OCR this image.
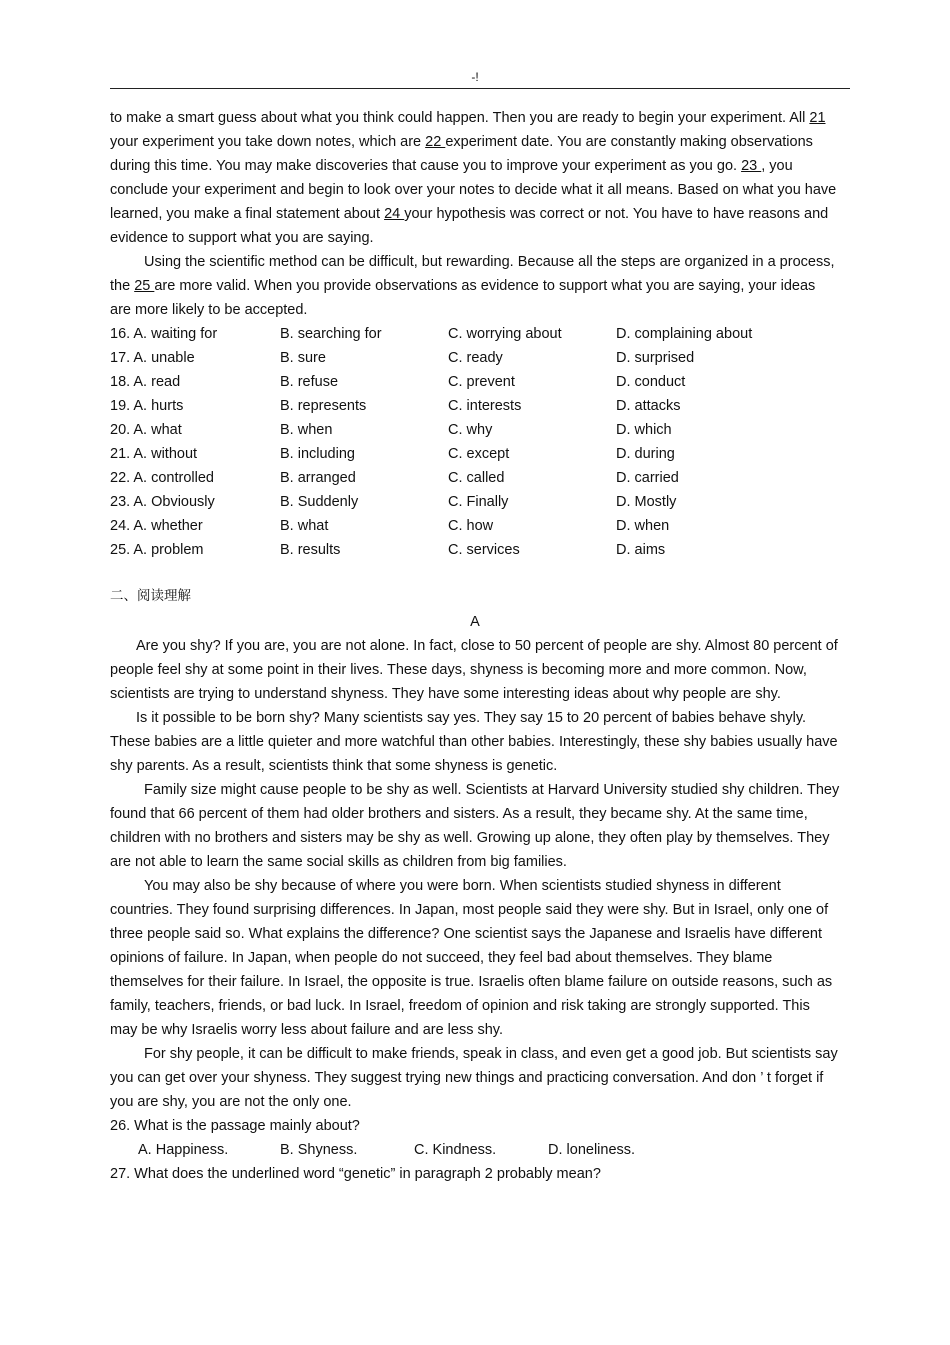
-!

to make a smart guess about what you think could happen. Then you are ready to begin your experiment. All 21 your experiment you take down notes, which are 22 experiment date. You are constantly making observations during this time. You may make discoveries that cause you to improve your experiment as you go. 23 , you conclude your experiment and begin to look over your notes to decide what it all means. Based on what you have learned, you make a final statement about 24 your hypothesis was correct or not. You have to have reasons and evidence to support what you are saying.

Using the scientific method can be difficult, but rewarding. Because all the steps are organized in a process, the 25 are more valid. When you provide observations as evidence to support what you are saying, your ideas are more likely to be accepted.

16. A. waiting for	B. searching for	C. worrying about	D. complaining about
17. A. unable	B. sure	C. ready	D. surprised
18. A. read	B. refuse	C. prevent	D. conduct
19. A. hurts	B. represents	C. interests	D. attacks
20. A. what	B. when	C. why	D. which
21. A. without	B. including	C. except	D. during
22. A. controlled	B. arranged	C. called	D. carried
23. A. Obviously	B. Suddenly	C. Finally	D. Mostly
24. A. whether	B. what	C. how	D. when
25. A. problem	B. results	C. services	D. aims
二、阅读理解
A

Are you shy? If you are, you are not alone. In fact, close to 50 percent of people are shy. Almost 80 percent of people feel shy at some point in their lives. These days, shyness is becoming more and more common. Now, scientists are trying to understand shyness. They have some interesting ideas about why people are shy.

Is it possible to be born shy? Many scientists say yes. They say 15 to 20 percent of babies behave shyly. These babies are a little quieter and more watchful than other babies. Interestingly, these shy babies usually have shy parents. As a result, scientists think that some shyness is genetic.

Family size might cause people to be shy as well. Scientists at Harvard University studied shy children. They found that 66 percent of them had older brothers and sisters. As a result, they became shy. At the same time, children with no brothers and sisters may be shy as well. Growing up alone, they often play by themselves. They are not able to learn the same social skills as children from big families.

You may also be shy because of where you were born. When scientists studied shyness in different countries. They found surprising differences. In Japan, most people said they were shy. But in Israel, only one of three people said so. What explains the difference? One scientist says the Japanese and Israelis have different opinions of failure. In Japan, when people do not succeed, they feel bad about themselves. They blame themselves for their failure. In Israel, the opposite is true. Israelis often blame failure on outside reasons, such as family, teachers, friends, or bad luck. In Israel, freedom of opinion and risk taking are strongly supported. This may be why Israelis worry less about failure and are less shy.

For shy people, it can be difficult to make friends, speak in class, and even get a good job. But scientists say you can get over your shyness. They suggest trying new things and practicing conversation. And don ’ t forget if you are shy, you are not the only one.

26. What is the passage mainly about?

A. Happiness.	B. Shyness.	C. Kindness.	D. loneliness.

27. What does the underlined word “genetic” in paragraph 2 probably mean?
